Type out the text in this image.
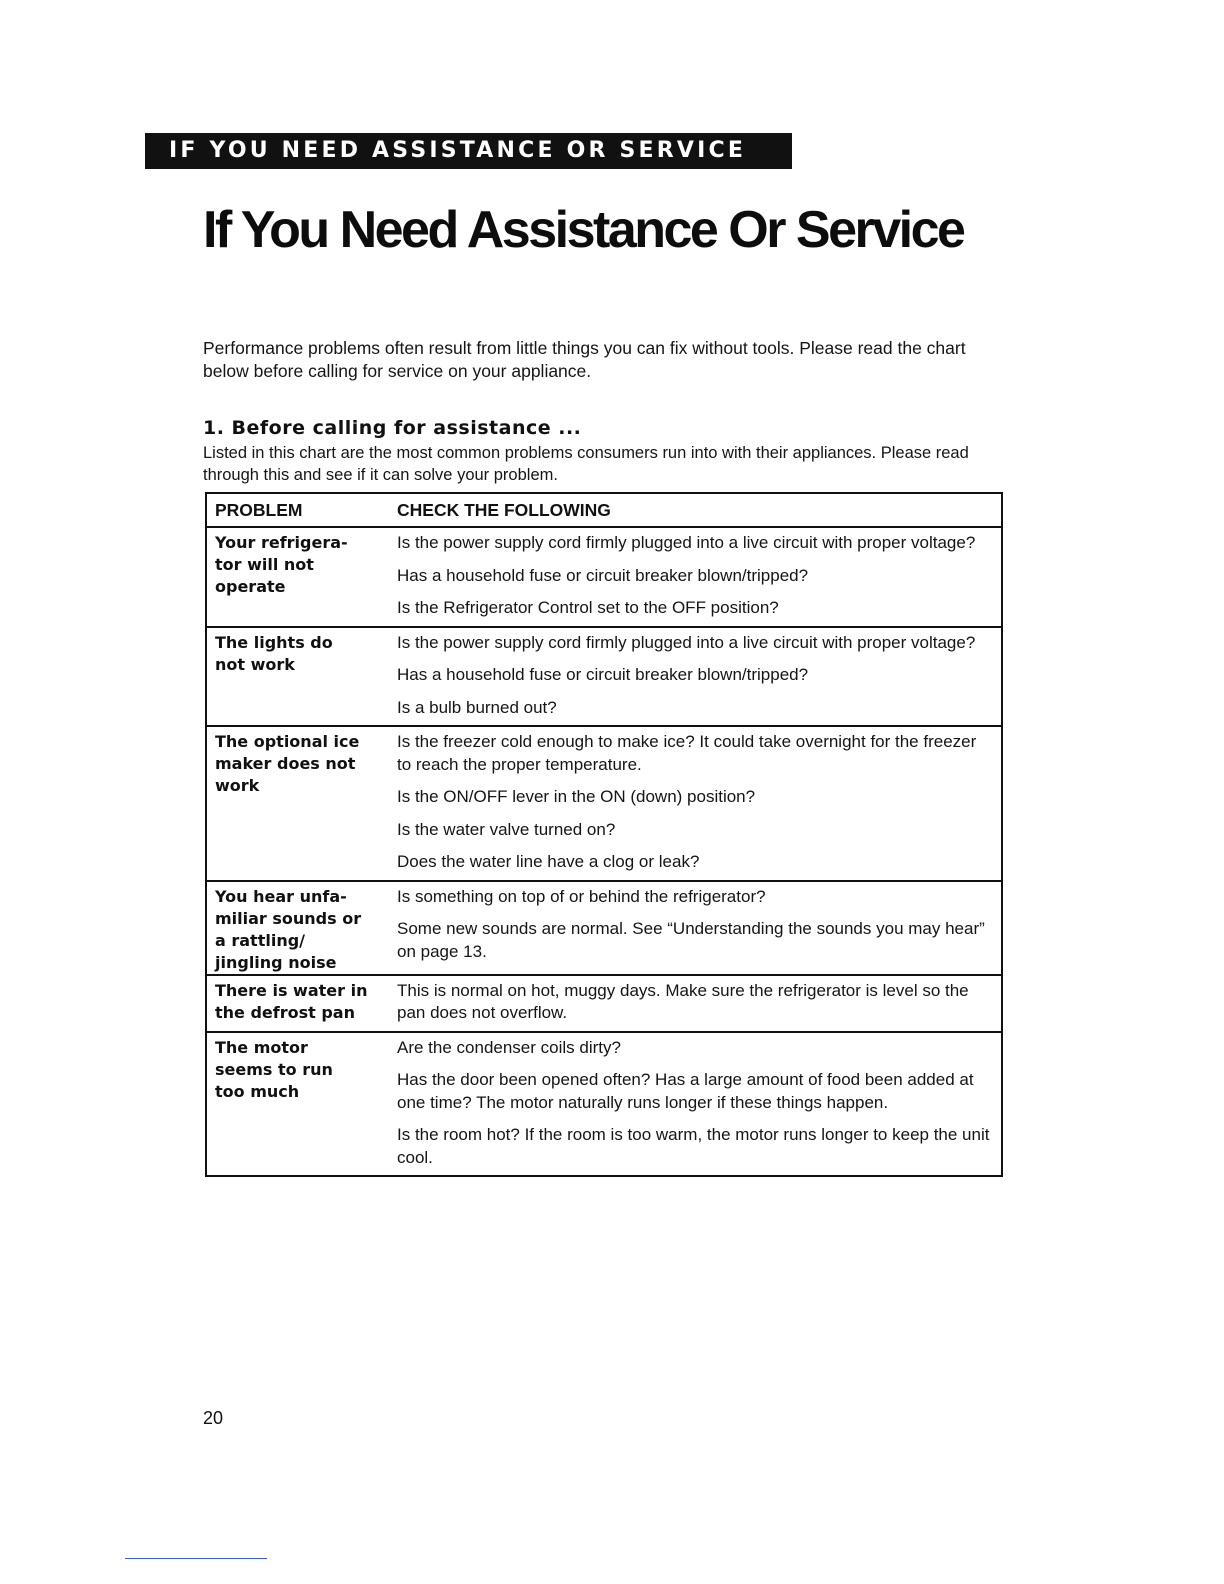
IF YOU NEED ASSISTANCE OR SERVICE
If You Need Assistance Or Service

Performance problems often result from little things you can fix without tools. Please read the chart below before calling for service on your appliance.

1. Before calling for assistance ...

Listed in this chart are the most common problems consumers run into with their appliances. Please read through this and see if it can solve your problem.

PROBLEM	CHECK THE FOLLOWING
Your refrigera-
tor will not
operate

Is the power supply cord firmly plugged into a live circuit with proper voltage?

Has a household fuse or circuit breaker blown/tripped?

Is the Refrigerator Control set to the OFF position?

The lights do
not work

Is the power supply cord firmly plugged into a live circuit with proper voltage?

Has a household fuse or circuit breaker blown/tripped?

Is a bulb burned out?

The optional ice
maker does not
work

Is the freezer cold enough to make ice? It could take overnight for the freezer to reach the proper temperature.

Is the ON/OFF lever in the ON (down) position?

Is the water valve turned on?

Does the water line have a clog or leak?

You hear unfa-
miliar sounds or
a rattling/
jingling noise

Is something on top of or behind the refrigerator?

Some new sounds are normal. See “Understanding the sounds you may hear” on page 13.

There is water in
the defrost pan

This is normal on hot, muggy days. Make sure the refrigerator is level so the pan does not overflow.

The motor
seems to run
too much

Are the condenser coils dirty?

Has the door been opened often? Has a large amount of food been added at one time? The motor naturally runs longer if these things happen.

Is the room hot? If the room is too warm, the motor runs longer to keep the unit cool.

20
